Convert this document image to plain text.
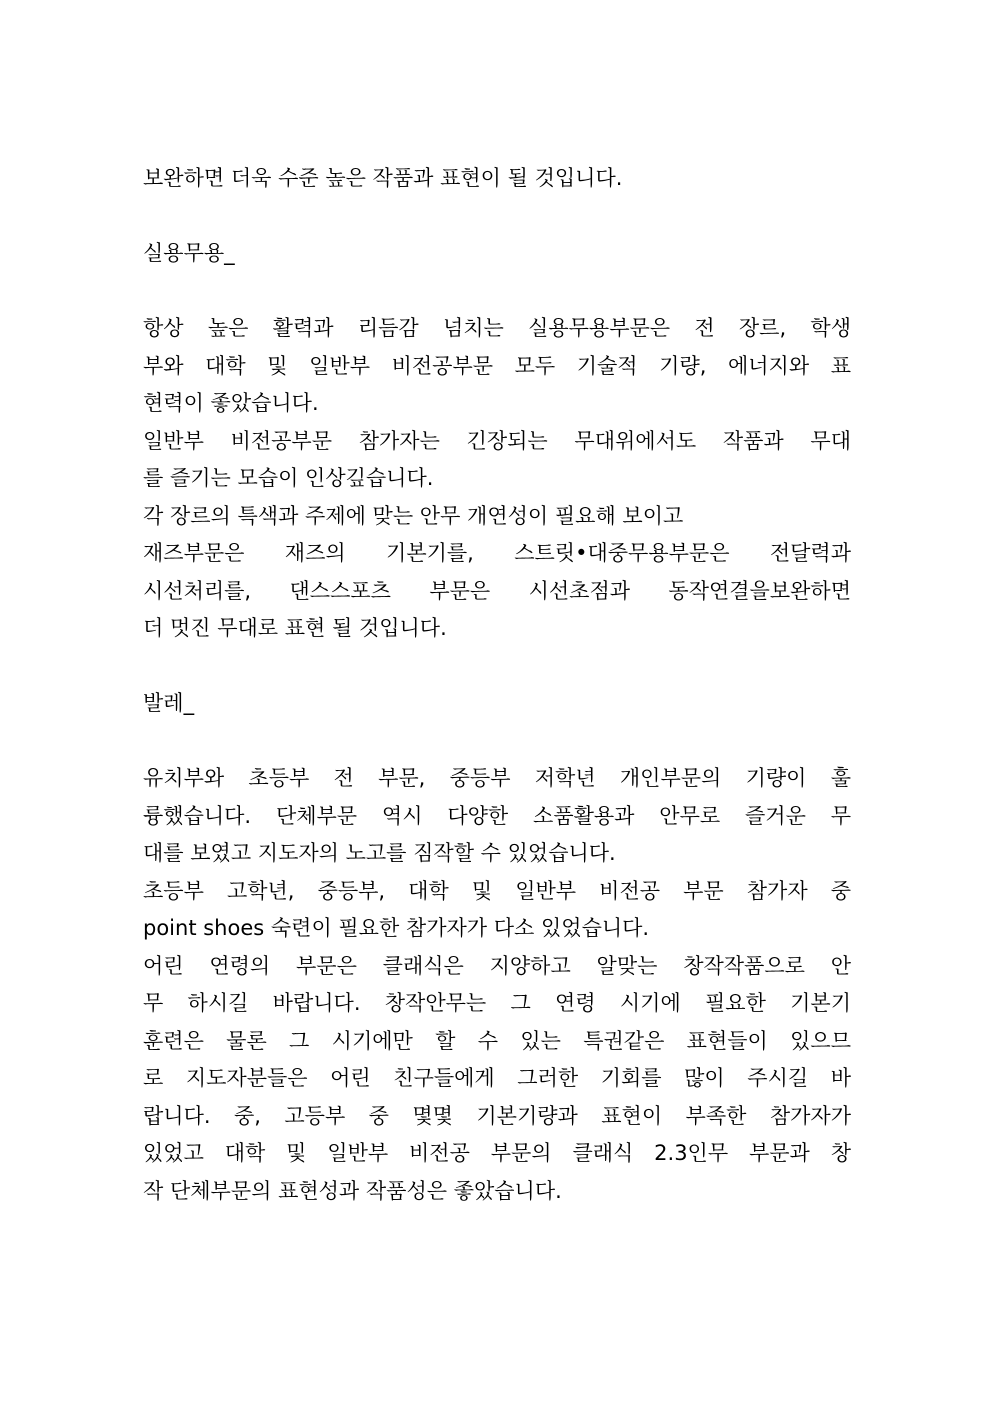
보완하면 더욱 수준 높은 작품과 표현이 될 것입니다.
실용무용_
항상 높은 활력과 리듬감 넘치는 실용무용부문은 전 장르, 학생
부와 대학 및 일반부 비전공부문 모두 기술적 기량, 에너지와 표
현력이 좋았습니다.
일반부 비전공부문 참가자는 긴장되는 무대위에서도 작품과 무대
를 즐기는 모습이 인상깊습니다.
각 장르의 특색과 주제에 맞는 안무 개연성이 필요해 보이고
재즈부문은 재즈의 기본기를, 스트릿•대중무용부문은 전달력과
시선처리를, 댄스스포츠 부문은 시선초점과 동작연결을보완하면
더 멋진 무대로 표현 될 것입니다.
발레_
유치부와 초등부 전 부문, 중등부 저학년 개인부문의 기량이 훌
륭했습니다. 단체부문 역시 다양한 소품활용과 안무로 즐거운 무
대를 보였고 지도자의 노고를 짐작할 수 있었습니다.
초등부 고학년, 중등부, 대학 및 일반부 비전공 부문 참가자 중
point shoes 숙련이 필요한 참가자가 다소 있었습니다.
어린 연령의 부문은 클래식은 지양하고 알맞는 창작작품으로 안
무 하시길 바랍니다. 창작안무는 그 연령 시기에 필요한 기본기
훈련은 물론 그 시기에만 할 수 있는 특권같은 표현들이 있으므
로 지도자분들은 어린 친구들에게 그러한 기회를 많이 주시길 바
랍니다. 중, 고등부 중 몇몇 기본기량과 표현이 부족한 참가자가
있었고 대학 및 일반부 비전공 부문의 클래식 2.3인무 부문과 창
작 단체부문의 표현성과 작품성은 좋았습니다.
